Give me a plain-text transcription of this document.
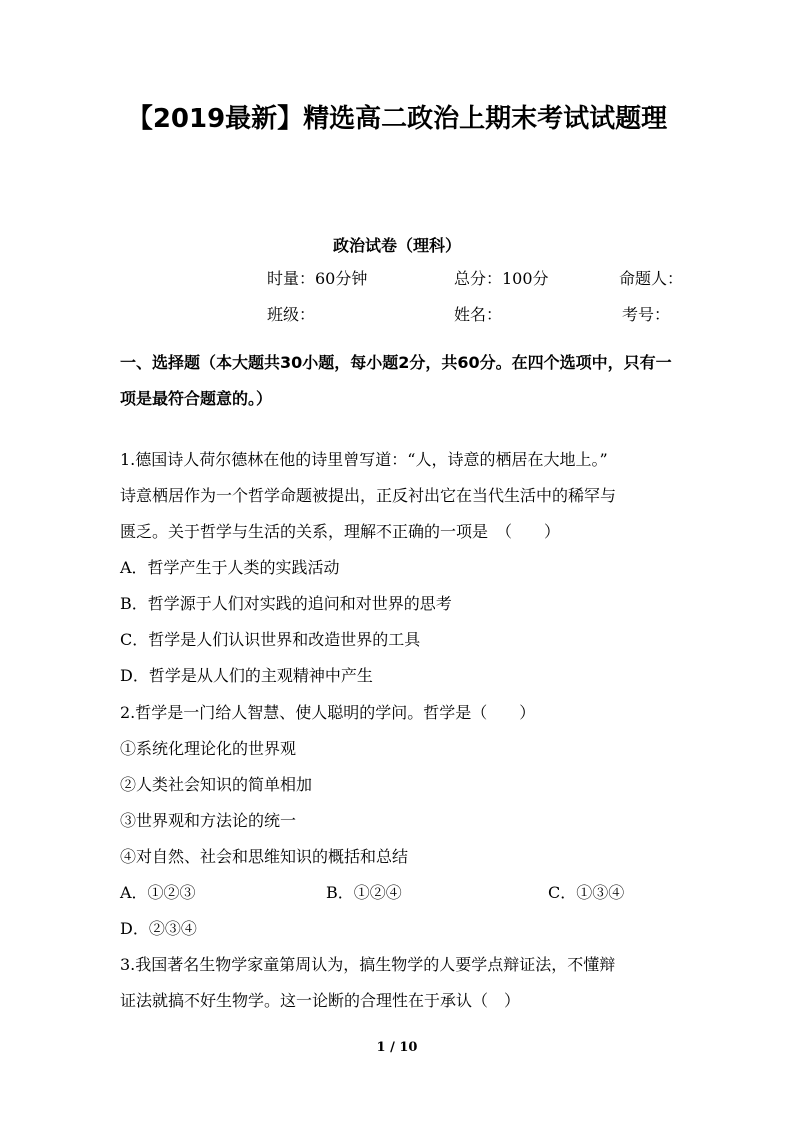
【2019最新】精选高二政治上期末考试试题理
政治试卷（理科）
时量：60分钟	总分：100分	命题人：
班级：	姓名：	考号：
一、选择题（本大题共30小题，每小题2分，共60分。在四个选项中，只有一项是最符合题意的。）
1.德国诗人荷尔德林在他的诗里曾写道：“人，诗意的栖居在大地上。”
诗意栖居作为一个哲学命题被提出，正反衬出它在当代生活中的稀罕与
匮乏。关于哲学与生活的关系，理解不正确的一项是　（　　）
A．哲学产生于人类的实践活动
B．哲学源于人们对实践的追问和对世界的思考
C．哲学是人们认识世界和改造世界的工具
D．哲学是从人们的主观精神中产生
2.哲学是一门给人智慧、使人聪明的学问。哲学是（　　）
①系统化理论化的世界观
②人类社会知识的简单相加
③世界观和方法论的统一
④对自然、社会和思维知识的概括和总结
A．①②③	B．①②④	C．①③④
D．②③④
3.我国著名生物学家童第周认为，搞生物学的人要学点辩证法，不懂辩
证法就搞不好生物学。这一论断的合理性在于承认（　）
1 / 10
